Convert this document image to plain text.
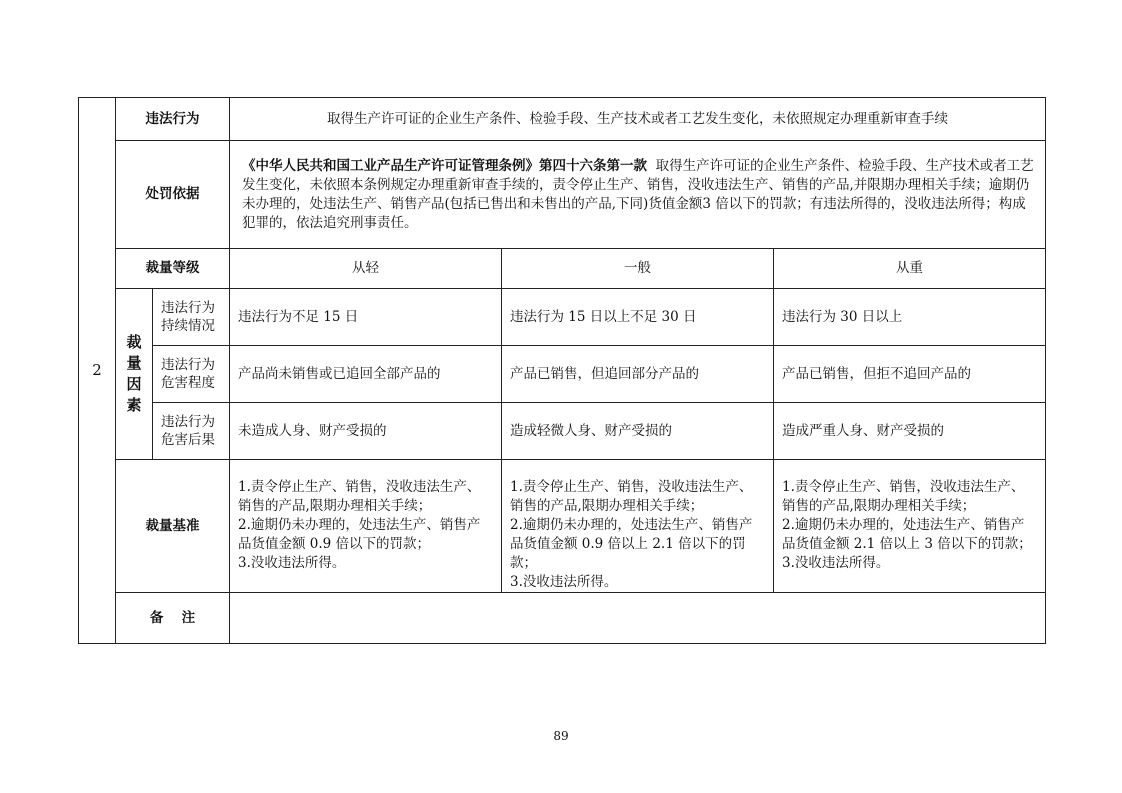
2	违法行为		取得生产许可证的企业生产条件、检验手段、生产技术或者工艺发生变化，未依照规定办理重新审查手续		
	处罚依据		《中华人民共和国工业产品生产许可证管理条例》第四十六条第一款 取得生产许可证的企业生产条件、检验手段、生产技术或者工艺发生变化，未依照本条例规定办理重新审查手续的，责令停止生产、销售，没收违法生产、销售的产品,并限期办理相关手续；逾期仍未办理的，处违法生产、销售产品(包括已售出和未售出的产品,下同)货值金额3 倍以下的罚款；有违法所得的，没收违法所得；构成犯罪的，依法追究刑事责任。		
	裁量等级		从轻	一般	从重

	裁
量
因
素	违法行为持续情况	违法行为不足 15 日	违法行为 15 日以上不足 30 日	违法行为 30 日以上
		违法行为危害程度	产品尚未销售或已追回全部产品的	产品已销售，但追回部分产品的	产品已销售，但拒不追回产品的
		违法行为危害后果	未造成人身、财产受损的	造成轻微人身、财产受损的	造成严重人身、财产受损的
	裁量基准		1.责令停止生产、销售，没收违法生产、销售的产品,限期办理相关手续；
2.逾期仍未办理的，处违法生产、销售产品货值金额 0.9 倍以下的罚款；
3.没收违法所得。	1.责令停止生产、销售，没收违法生产、销售的产品,限期办理相关手续；
2.逾期仍未办理的，处违法生产、销售产品货值金额 0.9 倍以上 2.1 倍以下的罚款；
3.没收违法所得。	1.责令停止生产、销售，没收违法生产、销售的产品,限期办理相关手续；
2.逾期仍未办理的，处违法生产、销售产品货值金额 2.1 倍以上 3 倍以下的罚款；
3.没收违法所得。

	备　 注				
89
